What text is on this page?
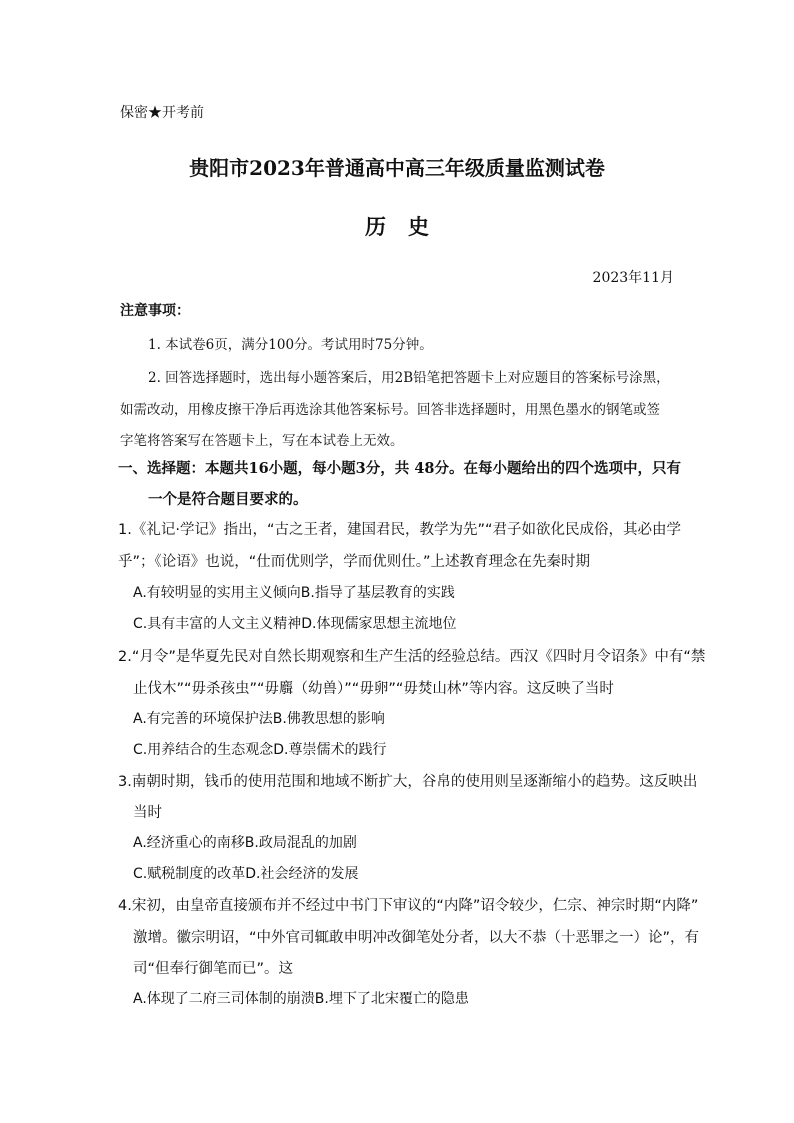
保密★开考前
贵阳市2023年普通高中高三年级质量监测试卷
历史
2023年11月
注意事项：
1. 本试卷6页，满分100分。考试用时75分钟。
2. 回答选择题时，选出每小题答案后，用2B铅笔把答题卡上对应题目的答案标号涂黑，
如需改动，用橡皮擦干净后再选涂其他答案标号。回答非选择题时，用黑色墨水的钢笔或签
字笔将答案写在答题卡上，写在本试卷上无效。
一、选择题：本题共16小题，每小题3分，共 48分。在每小题给出的四个选项中，只有
一个是符合题目要求的。
1.《礼记·学记》指出，“古之王者，建国君民，教学为先”“君子如欲化民成俗，其必由学
乎”；《论语》也说，“仕而优则学，学而优则仕。”上述教育理念在先秦时期
A.有较明显的实用主义倾向B.指导了基层教育的实践
C.具有丰富的人文主义精神D.体现儒家思想主流地位
2.“月令”是华夏先民对自然长期观察和生产生活的经验总结。西汉《四时月令诏条》中有“禁
止伐木”“毋杀孩虫”“毋麛（幼兽）”“毋卵”“毋焚山林”等内容。这反映了当时
A.有完善的环境保护法B.佛教思想的影响
C.用养结合的生态观念D.尊崇儒术的践行
3.南朝时期，钱币的使用范围和地域不断扩大，谷帛的使用则呈逐渐缩小的趋势。这反映出
当时
A.经济重心的南移B.政局混乱的加剧
C.赋税制度的改革D.社会经济的发展
4.宋初，由皇帝直接颁布并不经过中书门下审议的“内降”诏令较少，仁宗、神宗时期“内降”
激增。徽宗明诏，“中外官司辄敢申明冲改御笔处分者，以大不恭（十恶罪之一）论”，有
司“但奉行御笔而已”。这
A.体现了二府三司体制的崩溃B.埋下了北宋覆亡的隐患
